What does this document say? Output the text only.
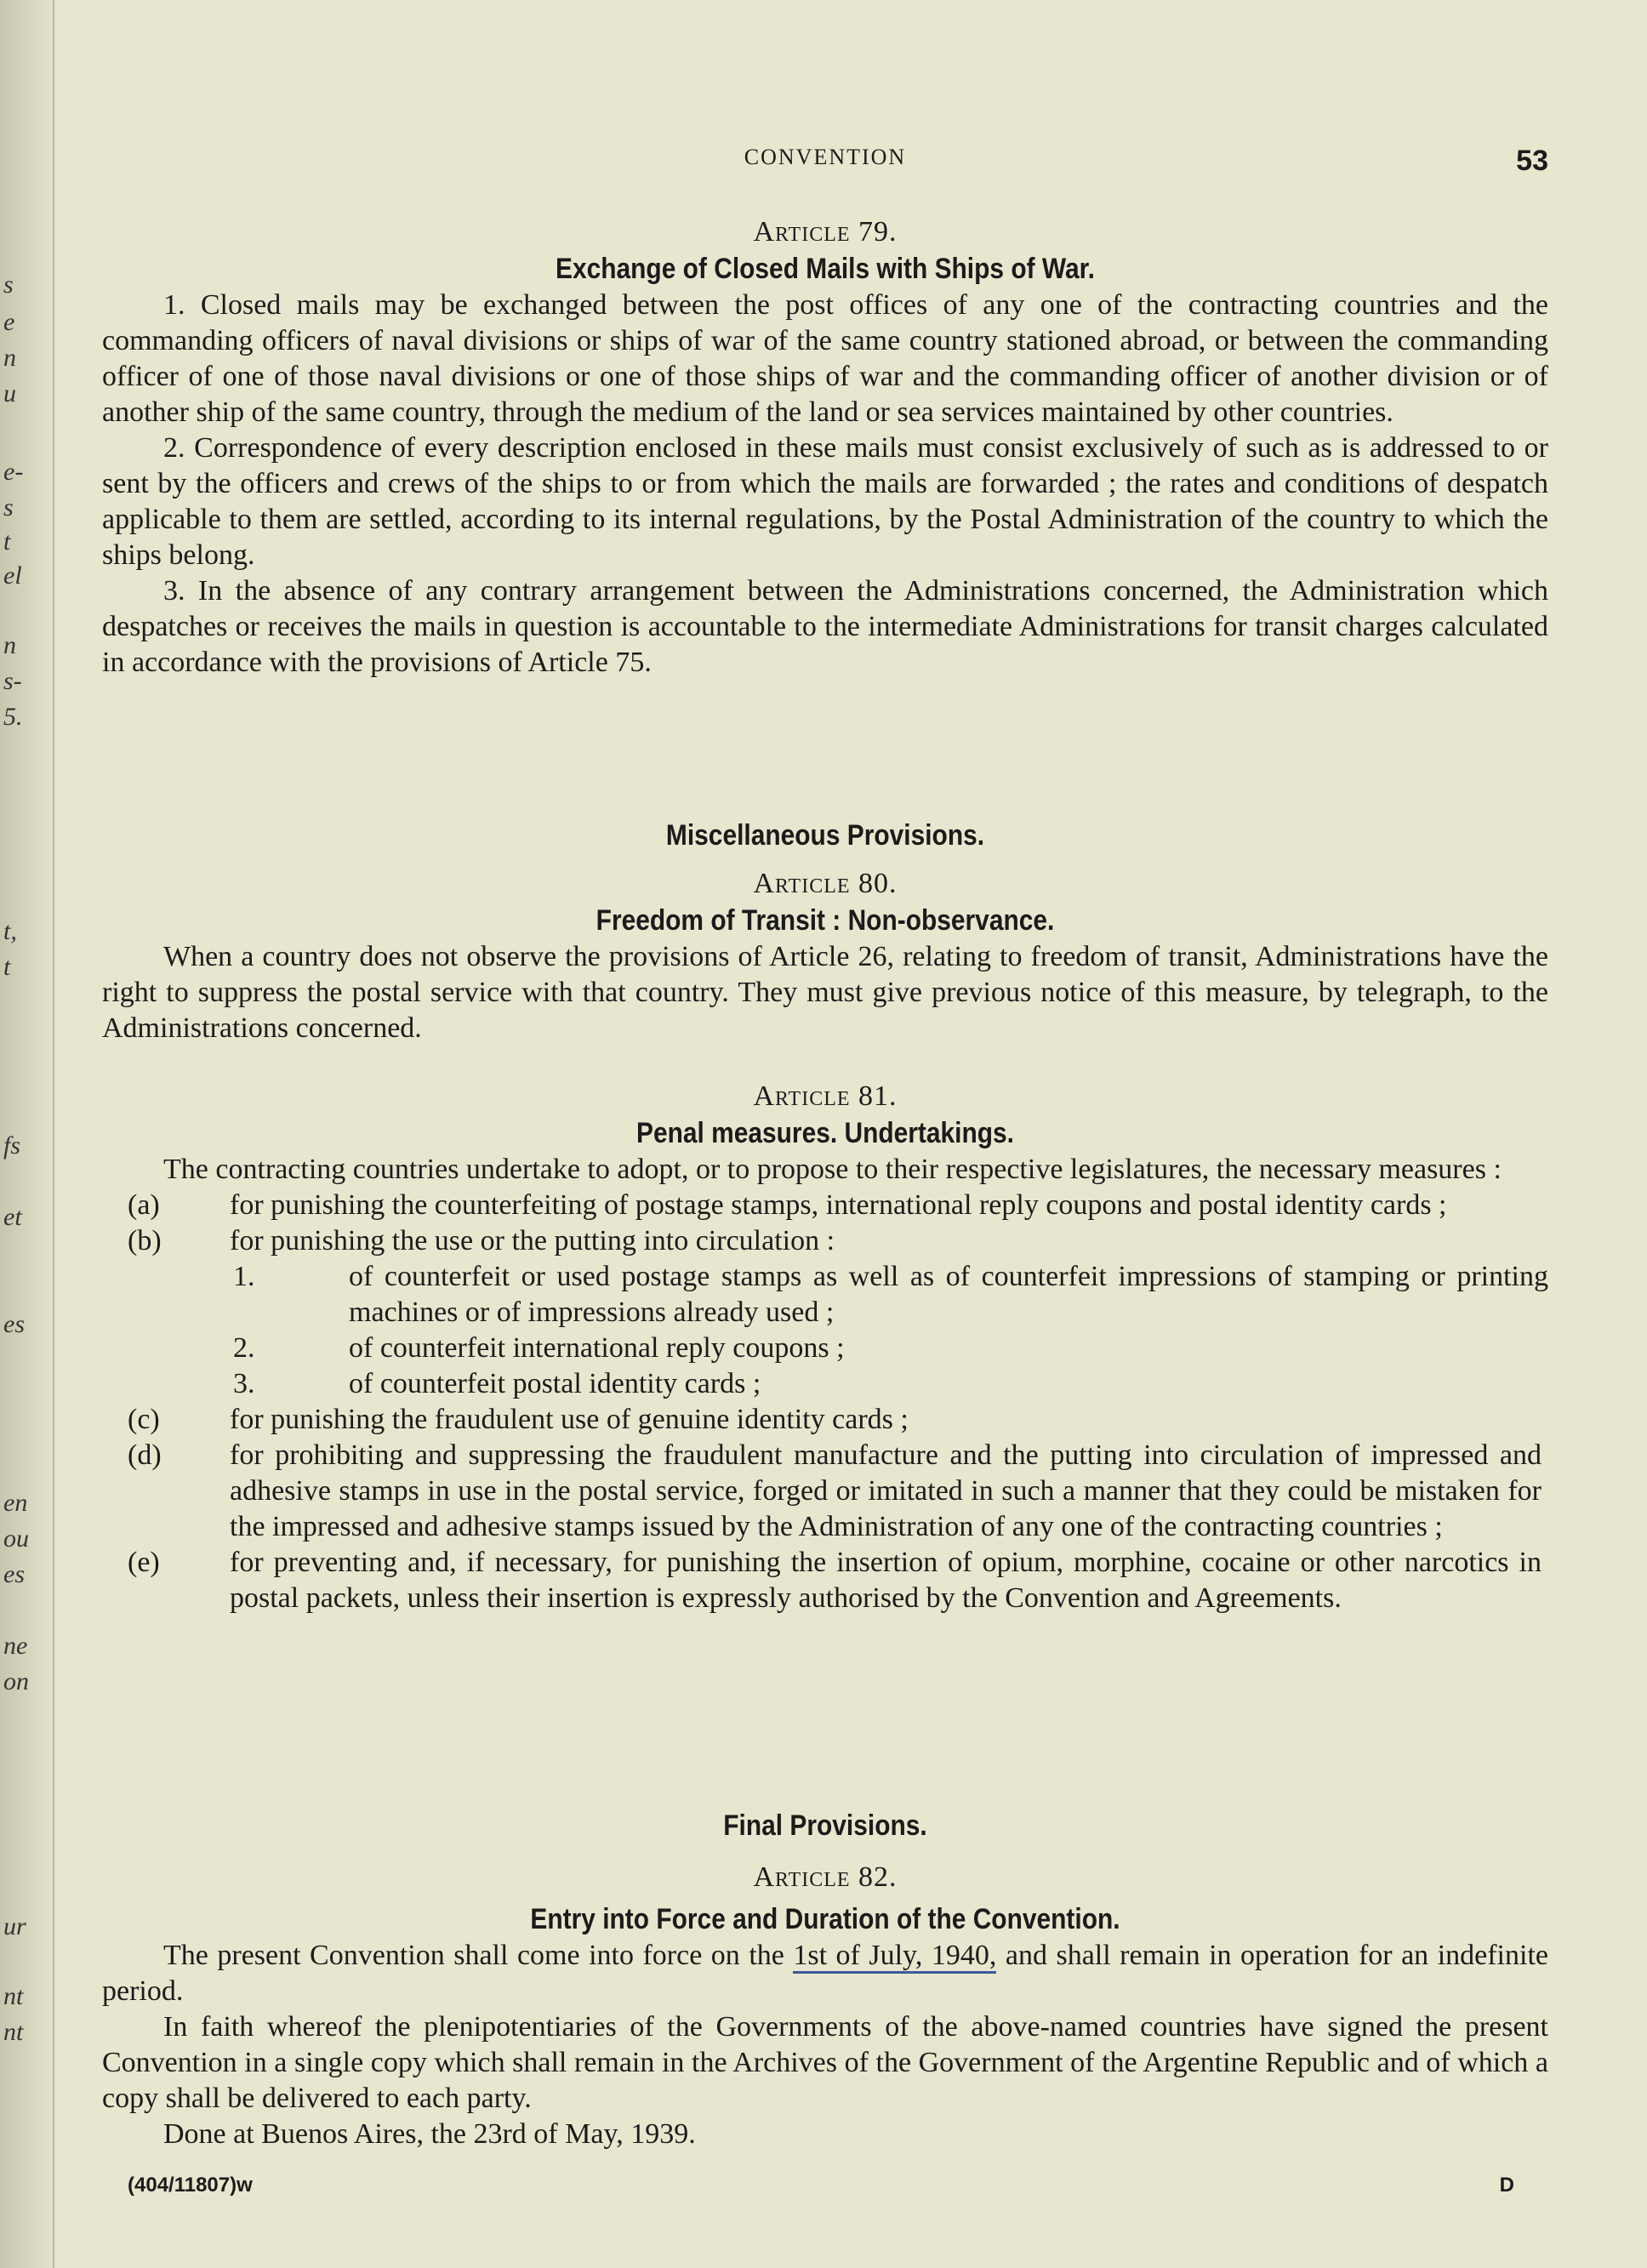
s
e
n
u
e-
s
t
el
n
s-
5.
t,
t
fs
et
es
en
ou
es
ne
on
ur
nt
nt
CONVENTION	53

Article 79.

Exchange of Closed Mails with Ships of War.

1. Closed mails may be exchanged between the post offices of any one of the contracting countries and the commanding officers of naval divisions or ships of war of the same country stationed abroad, or between the commanding officer of one of those naval divisions or one of those ships of war and the commanding officer of another division or of another ship of the same country, through the medium of the land or sea services maintained by other countries.

2. Correspondence of every description enclosed in these mails must consist exclusively of such as is addressed to or sent by the officers and crews of the ships to or from which the mails are forwarded ; the rates and conditions of despatch applicable to them are settled, according to its internal regulations, by the Postal Administration of the country to which the ships belong.

3. In the absence of any contrary arrangement between the Administrations concerned, the Administration which despatches or receives the mails in question is accountable to the intermediate Administrations for transit charges calculated in accordance with the provisions of Article 75.

Miscellaneous Provisions.

Article 80.

Freedom of Transit : Non-observance.

When a country does not observe the provisions of Article 26, relating to freedom of transit, Administrations have the right to suppress the postal service with that country. They must give previous notice of this measure, by telegraph, to the Administrations concerned.

Article 81.

Penal measures. Undertakings.

The contracting countries undertake to adopt, or to propose to their respective legislatures, the necessary measures :

(a) for punishing the counterfeiting of postage stamps, international reply coupons and postal identity cards ;

(b) for punishing the use or the putting into circulation :

1.	of counterfeit or used postage stamps as well as of counterfeit impressions of stamping or printing machines or of impressions already used ;

2.	of counterfeit international reply coupons ;

3.	of counterfeit postal identity cards ;

(c) for punishing the fraudulent use of genuine identity cards ;

(d) for prohibiting and suppressing the fraudulent manufacture and the putting into circulation of impressed and adhesive stamps in use in the postal service, forged or imitated in such a manner that they could be mistaken for the impressed and adhesive stamps issued by the Administration of any one of the contracting countries ;

(e) for preventing and, if necessary, for punishing the insertion of opium, morphine, cocaine or other narcotics in postal packets, unless their insertion is expressly authorised by the Convention and Agreements.

Final Provisions.

Article 82.

Entry into Force and Duration of the Convention.

The present Convention shall come into force on the 1st of July, 1940, and shall remain in operation for an indefinite period.

In faith whereof the plenipotentiaries of the Governments of the above-named countries have signed the present Convention in a single copy which shall remain in the Archives of the Government of the Argentine Republic and of which a copy shall be delivered to each party.

Done at Buenos Aires, the 23rd of May, 1939.

(404/11807)w	D
